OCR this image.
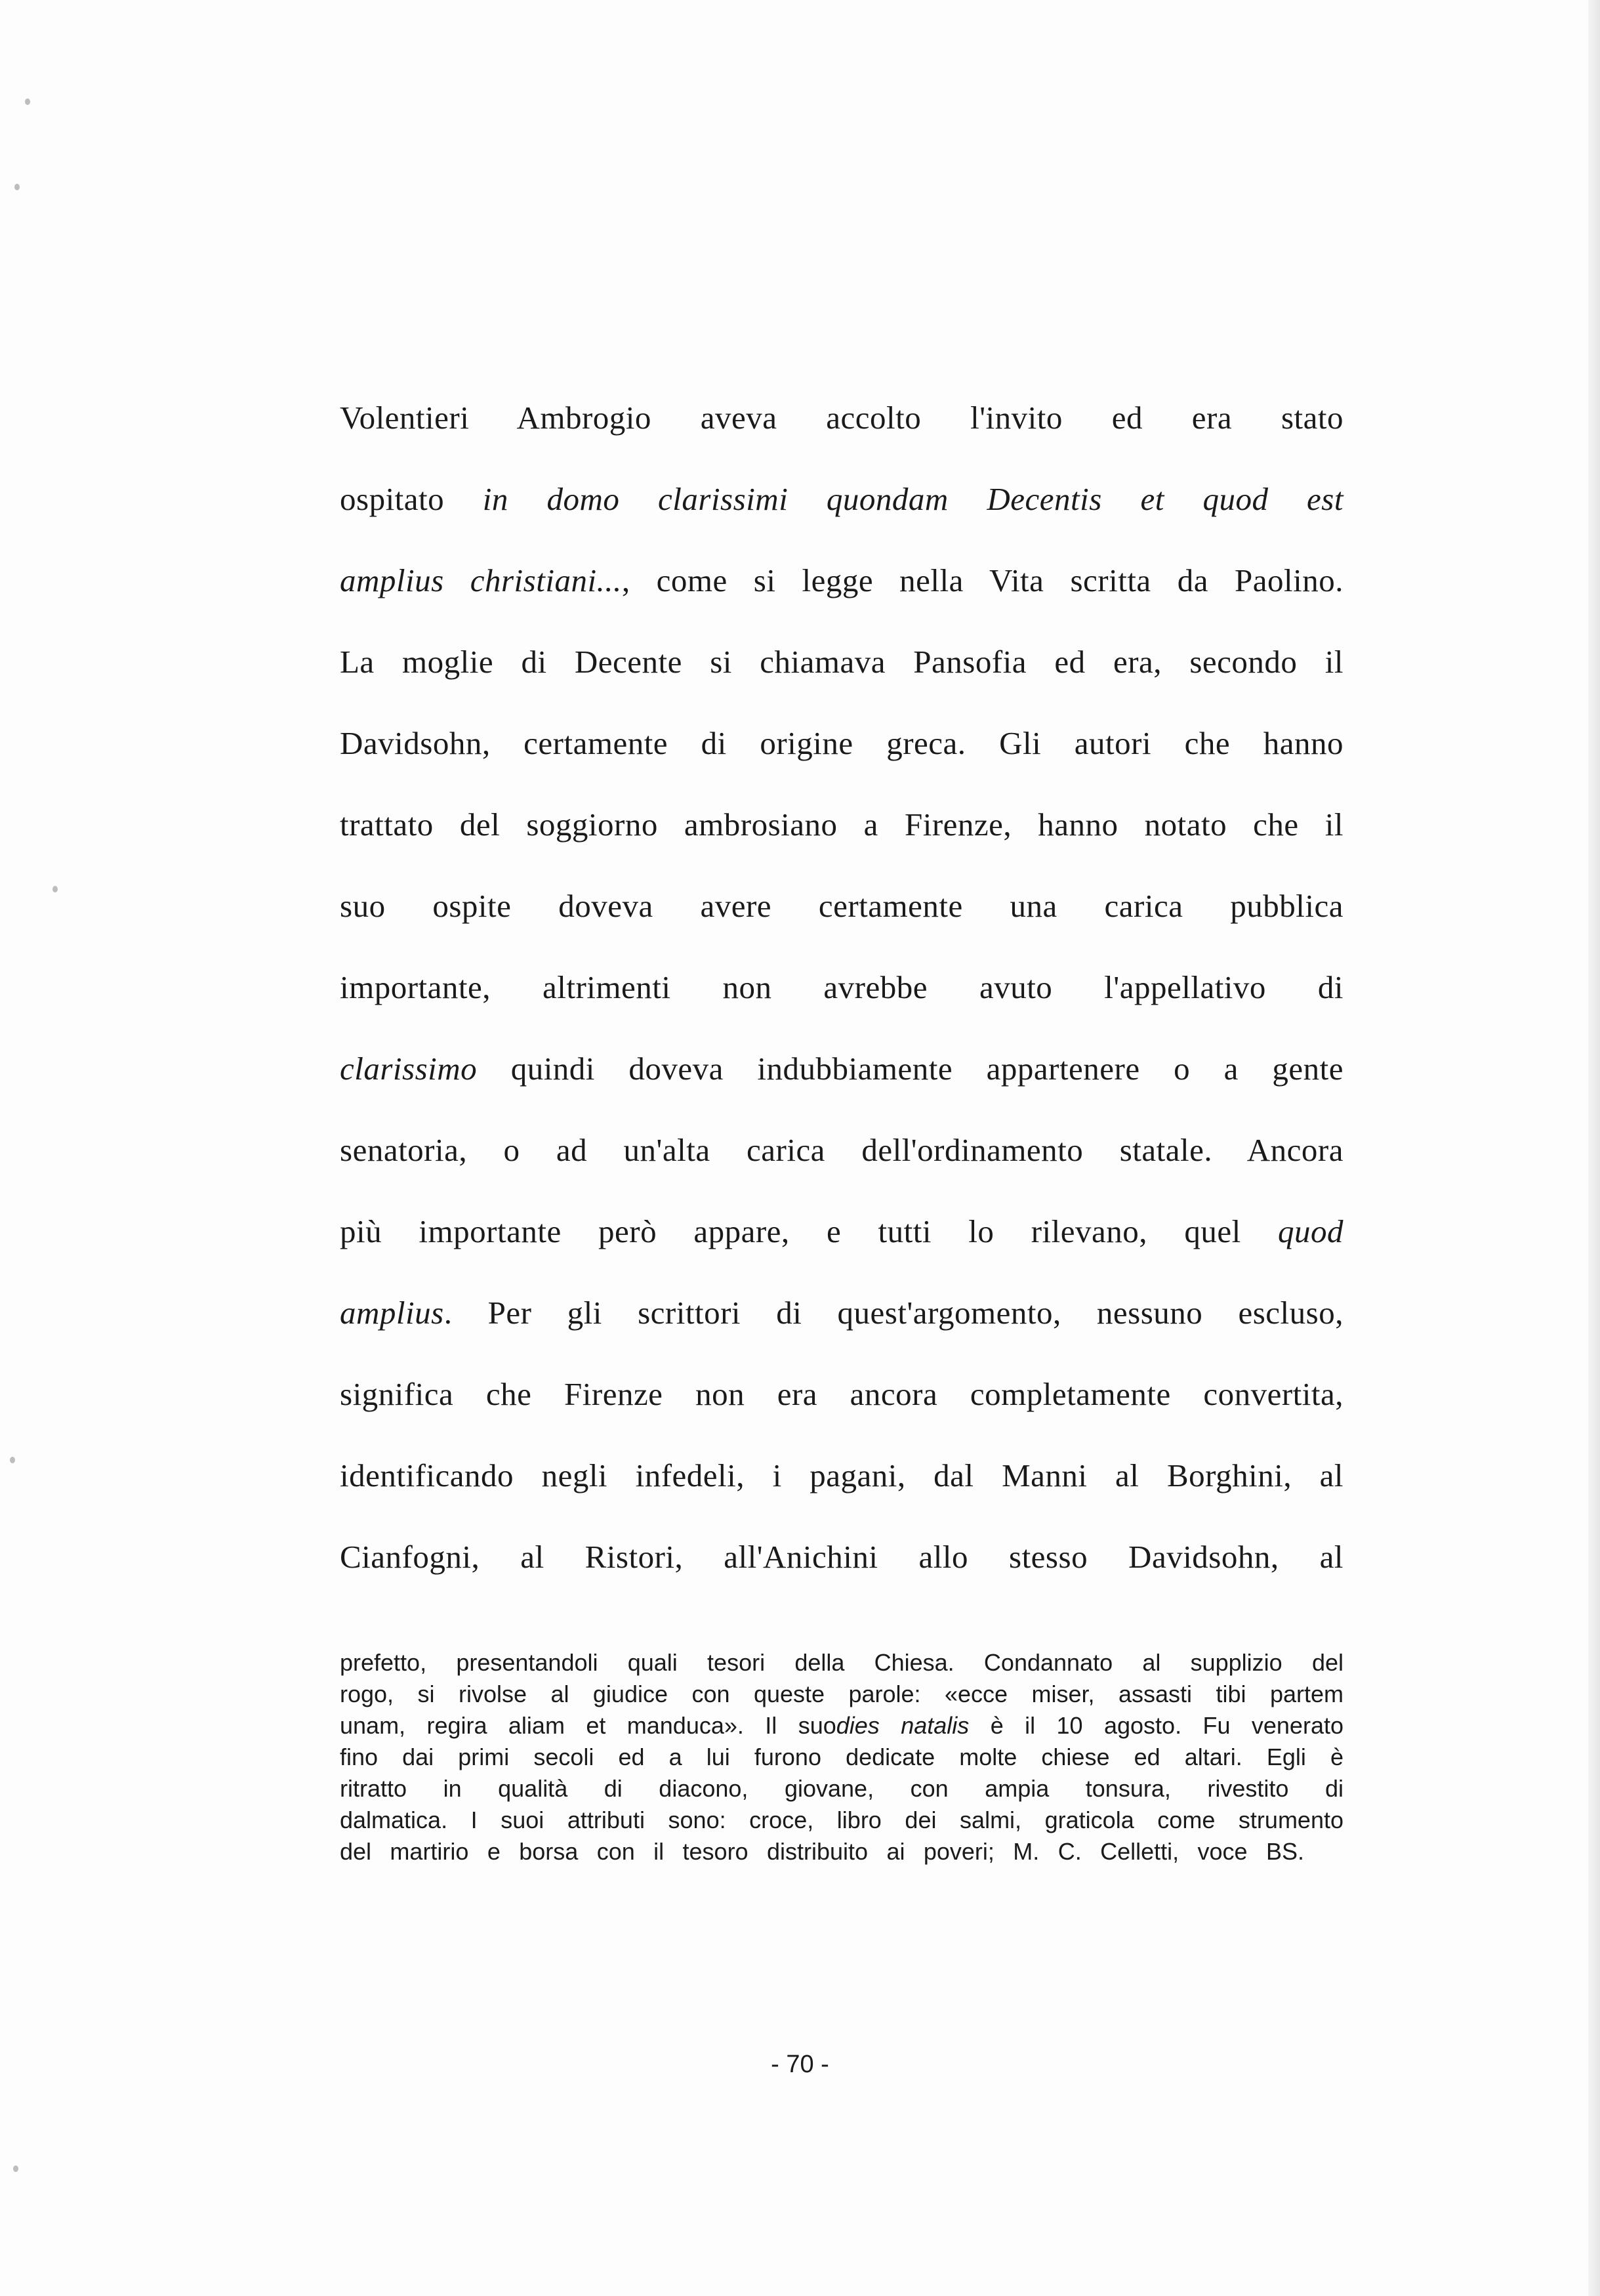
Volentieri Ambrogio aveva accolto l'invito ed era stato
ospitato in domo clarissimi quondam Decentis et quod est
amplius christiani..., come si legge nella Vita scritta da Paolino.
La moglie di Decente si chiamava Pansofia ed era, secondo il
Davidsohn, certamente di origine greca. Gli autori che hanno
trattato del soggiorno ambrosiano a Firenze, hanno notato che il
suo ospite doveva avere certamente una carica pubblica
importante, altrimenti non avrebbe avuto l'appellativo di
clarissimo quindi doveva indubbiamente appartenere o a gente
senatoria, o ad un'alta carica dell'ordinamento statale. Ancora
più importante però appare, e tutti lo rilevano, quel quod
amplius. Per gli scrittori di quest'argomento, nessuno escluso,
significa che Firenze non era ancora completamente convertita,
identificando negli infedeli, i pagani, dal Manni al Borghini, al
Cianfogni, al Ristori, all'Anichini allo stesso Davidsohn, al
prefetto, presentandoli quali tesori della Chiesa. Condannato al supplizio del
rogo, si rivolse al giudice con queste parole: «ecce miser, assasti tibi partem
unam, regira aliam et manduca». Il suodies natalis è il 10 agosto. Fu venerato
fino dai primi secoli ed a lui furono dedicate molte chiese ed altari. Egli è
ritratto in qualità di diacono, giovane, con ampia tonsura, rivestito di
dalmatica. I suoi attributi sono: croce, libro dei salmi, graticola come strumento
del martirio e borsa con il tesoro distribuito ai poveri; M. C. Celletti, voce BS.
- 70 -
